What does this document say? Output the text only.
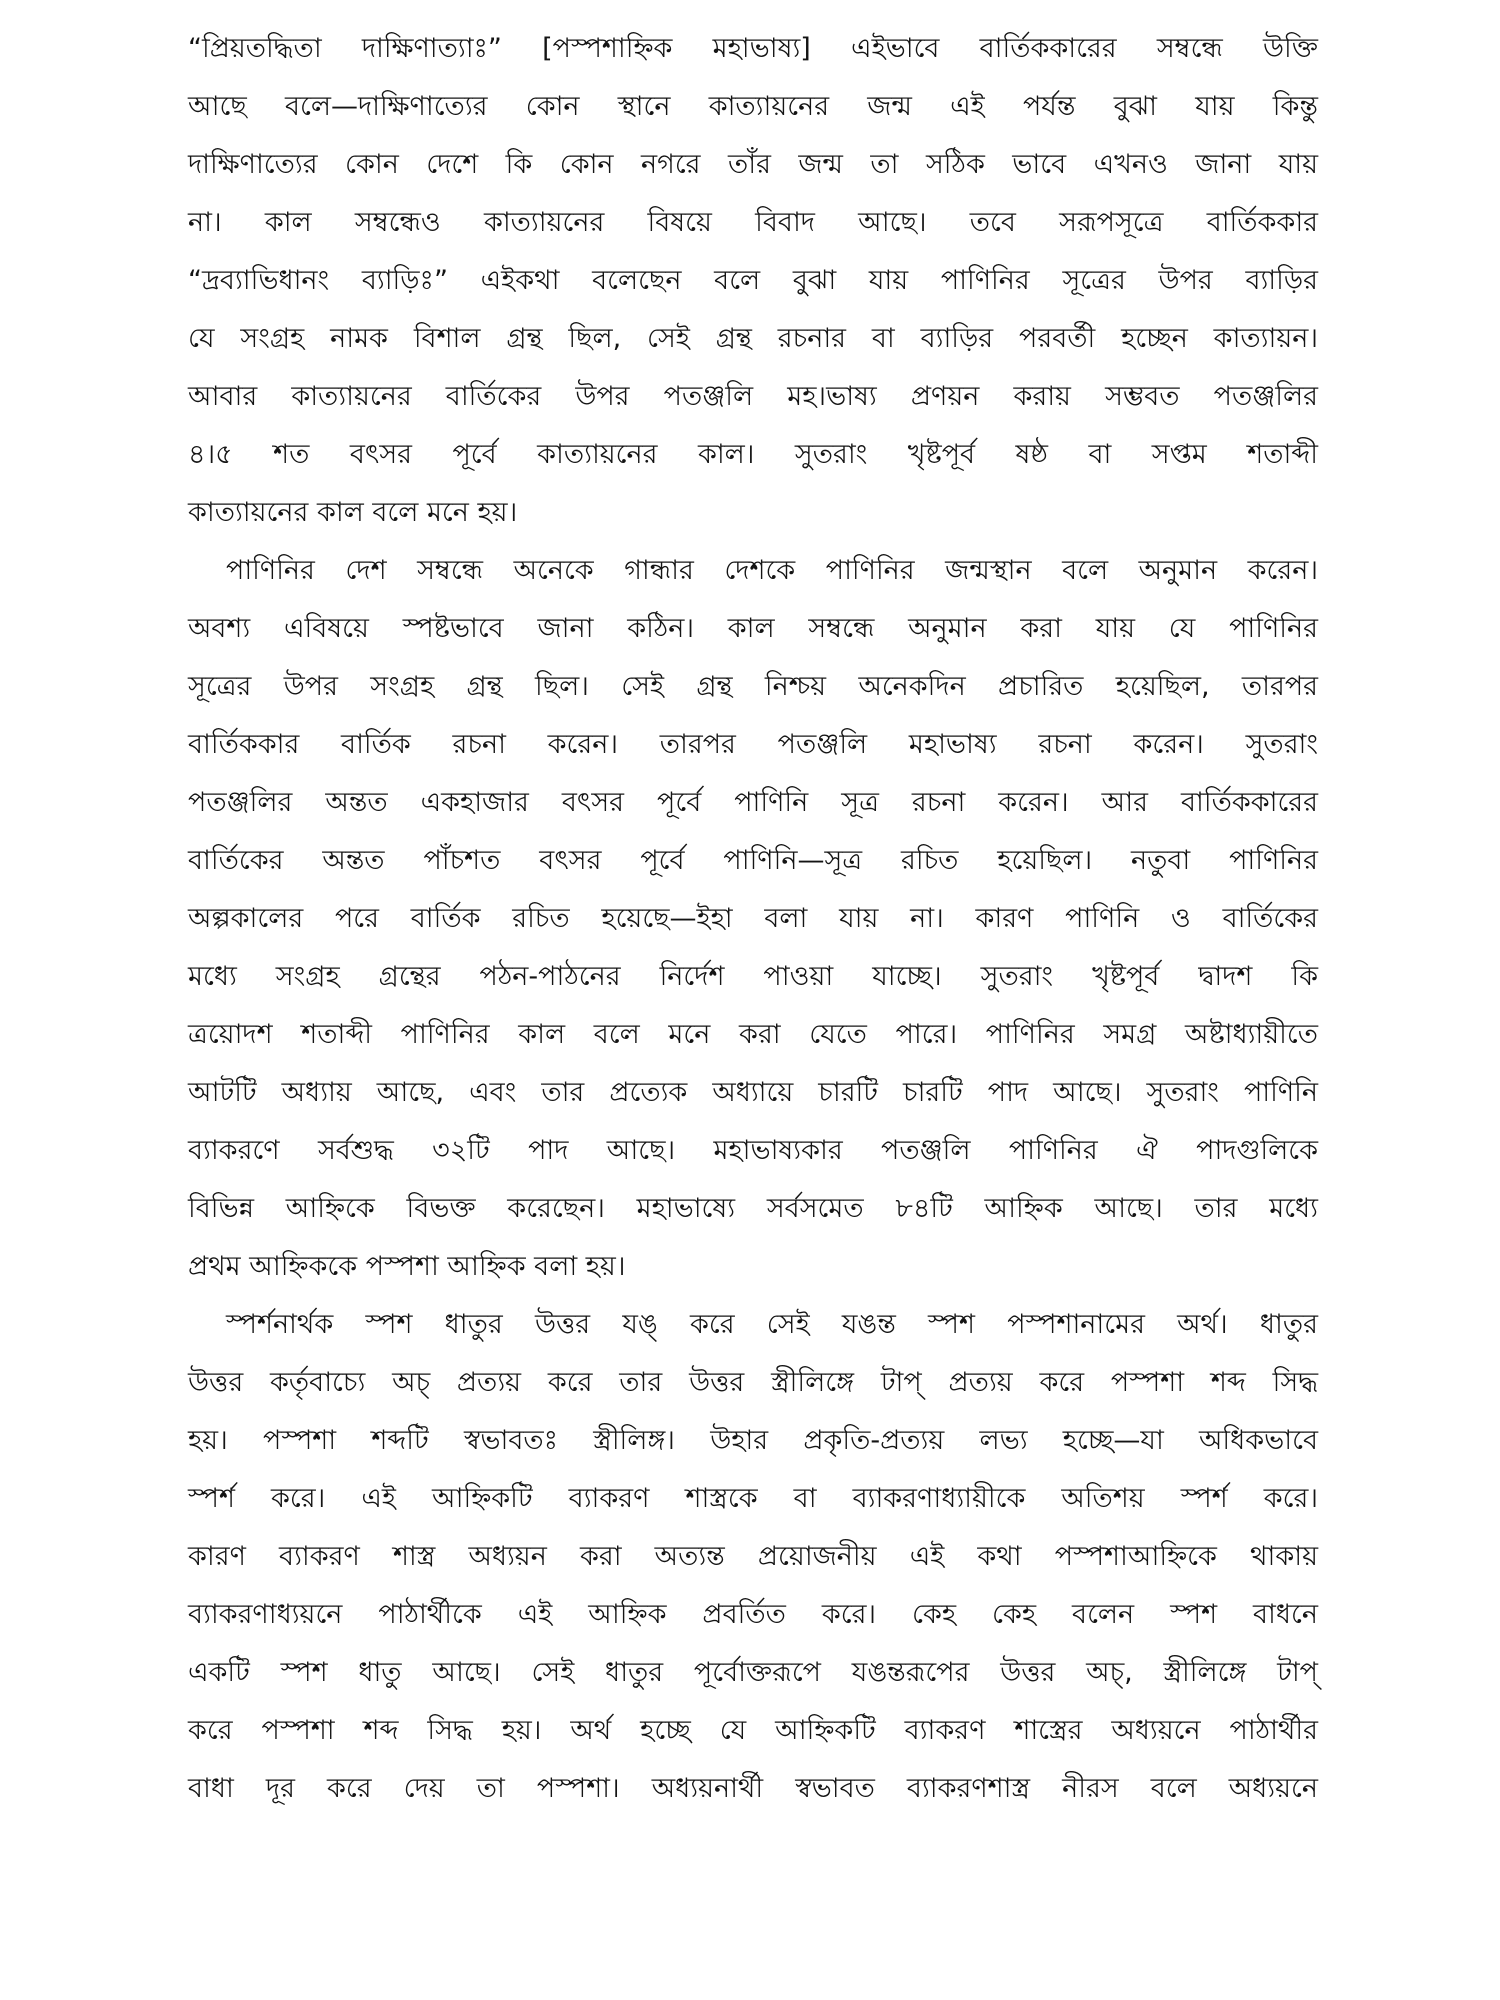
“প্রিয়তদ্ধিতা দাক্ষিণাত্যাঃ” [পস্পশাহ্নিক মহাভাষ্য] এইভাবে বার্তিককারের সম্বন্ধে উক্তি
আছে বলে—দাক্ষিণাত্যের কোন স্থানে কাত্যায়নের জন্ম এই পর্যন্ত বুঝা যায় কিন্তু
দাক্ষিণাত্যের কোন দেশে কি কোন নগরে তাঁর জন্ম তা সঠিক ভাবে এখনও জানা যায়
না। কাল সম্বন্ধেও কাত্যায়নের বিষয়ে বিবাদ আছে। তবে সরূপসূত্রে বার্তিককার
“দ্রব্যাভিধানং ব্যাড়িঃ” এইকথা বলেছেন বলে বুঝা যায় পাণিনির সূত্রের উপর ব্যাড়ির
যে সংগ্রহ নামক বিশাল গ্রন্থ ছিল, সেই গ্রন্থ রচনার বা ব্যাড়ির পরবর্তী হচ্ছেন কাত্যায়ন।
আবার কাত্যায়নের বার্তিকের উপর পতঞ্জলি মহ।ভাষ্য প্রণয়ন করায় সম্ভবত পতঞ্জলির
৪।৫ শত বৎসর পূর্বে কাত্যায়নের কাল। সুতরাং খৃষ্টপূর্ব ষষ্ঠ বা সপ্তম শতাব্দী
কাত্যায়নের কাল বলে মনে হয়।
পাণিনির দেশ সম্বন্ধে অনেকে গান্ধার দেশকে পাণিনির জন্মস্থান বলে অনুমান করেন।
অবশ্য এবিষয়ে স্পষ্টভাবে জানা কঠিন। কাল সম্বন্ধে অনুমান করা যায় যে পাণিনির
সূত্রের উপর সংগ্রহ গ্রন্থ ছিল। সেই গ্রন্থ নিশ্চয় অনেকদিন প্রচারিত হয়েছিল, তারপর
বার্তিককার বার্তিক রচনা করেন। তারপর পতঞ্জলি মহাভাষ্য রচনা করেন। সুতরাং
পতঞ্জলির অন্তত একহাজার বৎসর পূর্বে পাণিনি সূত্র রচনা করেন। আর বার্তিককারের
বার্তিকের অন্তত পাঁচশত বৎসর পূর্বে পাণিনি—সূত্র রচিত হয়েছিল। নতুবা পাণিনির
অল্পকালের পরে বার্তিক রচিত হয়েছে—ইহা বলা যায় না। কারণ পাণিনি ও বার্তিকের
মধ্যে সংগ্রহ গ্রন্থের পঠন-পাঠনের নির্দেশ পাওয়া যাচ্ছে। সুতরাং খৃষ্টপূর্ব দ্বাদশ কি
ত্রয়োদশ শতাব্দী পাণিনির কাল বলে মনে করা যেতে পারে। পাণিনির সমগ্র অষ্টাধ্যায়ীতে
আটটি অধ্যায় আছে, এবং তার প্রত্যেক অধ্যায়ে চারটি চারটি পাদ আছে। সুতরাং পাণিনি
ব্যাকরণে সর্বশুদ্ধ ৩২টি পাদ আছে। মহাভাষ্যকার পতঞ্জলি পাণিনির ঐ পাদগুলিকে
বিভিন্ন আহ্নিকে বিভক্ত করেছেন। মহাভাষ্যে সর্বসমেত ৮৪টি আহ্নিক আছে। তার মধ্যে
প্রথম আহ্নিককে পস্পশা আহ্নিক বলা হয়।
স্পর্শনার্থক স্পশ ধাতুর উত্তর যঙ্ করে সেই যঙন্ত স্পশ পস্পশানামের অর্থ। ধাতুর
উত্তর কর্তৃবাচ্যে অচ্ প্রত্যয় করে তার উত্তর স্ত্রীলিঙ্গে টাপ্ প্রত্যয় করে পস্পশা শব্দ সিদ্ধ
হয়। পস্পশা শব্দটি স্বভাবতঃ স্ত্রীলিঙ্গ। উহার প্রকৃতি-প্রত্যয় লভ্য হচ্ছে—যা অধিকভাবে
স্পর্শ করে। এই আহ্নিকটি ব্যাকরণ শাস্ত্রকে বা ব্যাকরণাধ্যায়ীকে অতিশয় স্পর্শ করে।
কারণ ব্যাকরণ শাস্ত্র অধ্যয়ন করা অত্যন্ত প্রয়োজনীয় এই কথা পস্পশাআহ্নিকে থাকায়
ব্যাকরণাধ্যয়নে পাঠার্থীকে এই আহ্নিক প্রবর্তিত করে। কেহ কেহ বলেন স্পশ বাধনে
একটি স্পশ ধাতু আছে। সেই ধাতুর পূর্বোক্তরূপে যঙন্তরূপের উত্তর অচ্, স্ত্রীলিঙ্গে টাপ্
করে পস্পশা শব্দ সিদ্ধ হয়। অর্থ হচ্ছে যে আহ্নিকটি ব্যাকরণ শাস্ত্রের অধ্যয়নে পাঠার্থীর
বাধা দূর করে দেয় তা পস্পশা। অধ্যয়নার্থী স্বভাবত ব্যাকরণশাস্ত্র নীরস বলে অধ্যয়নে
